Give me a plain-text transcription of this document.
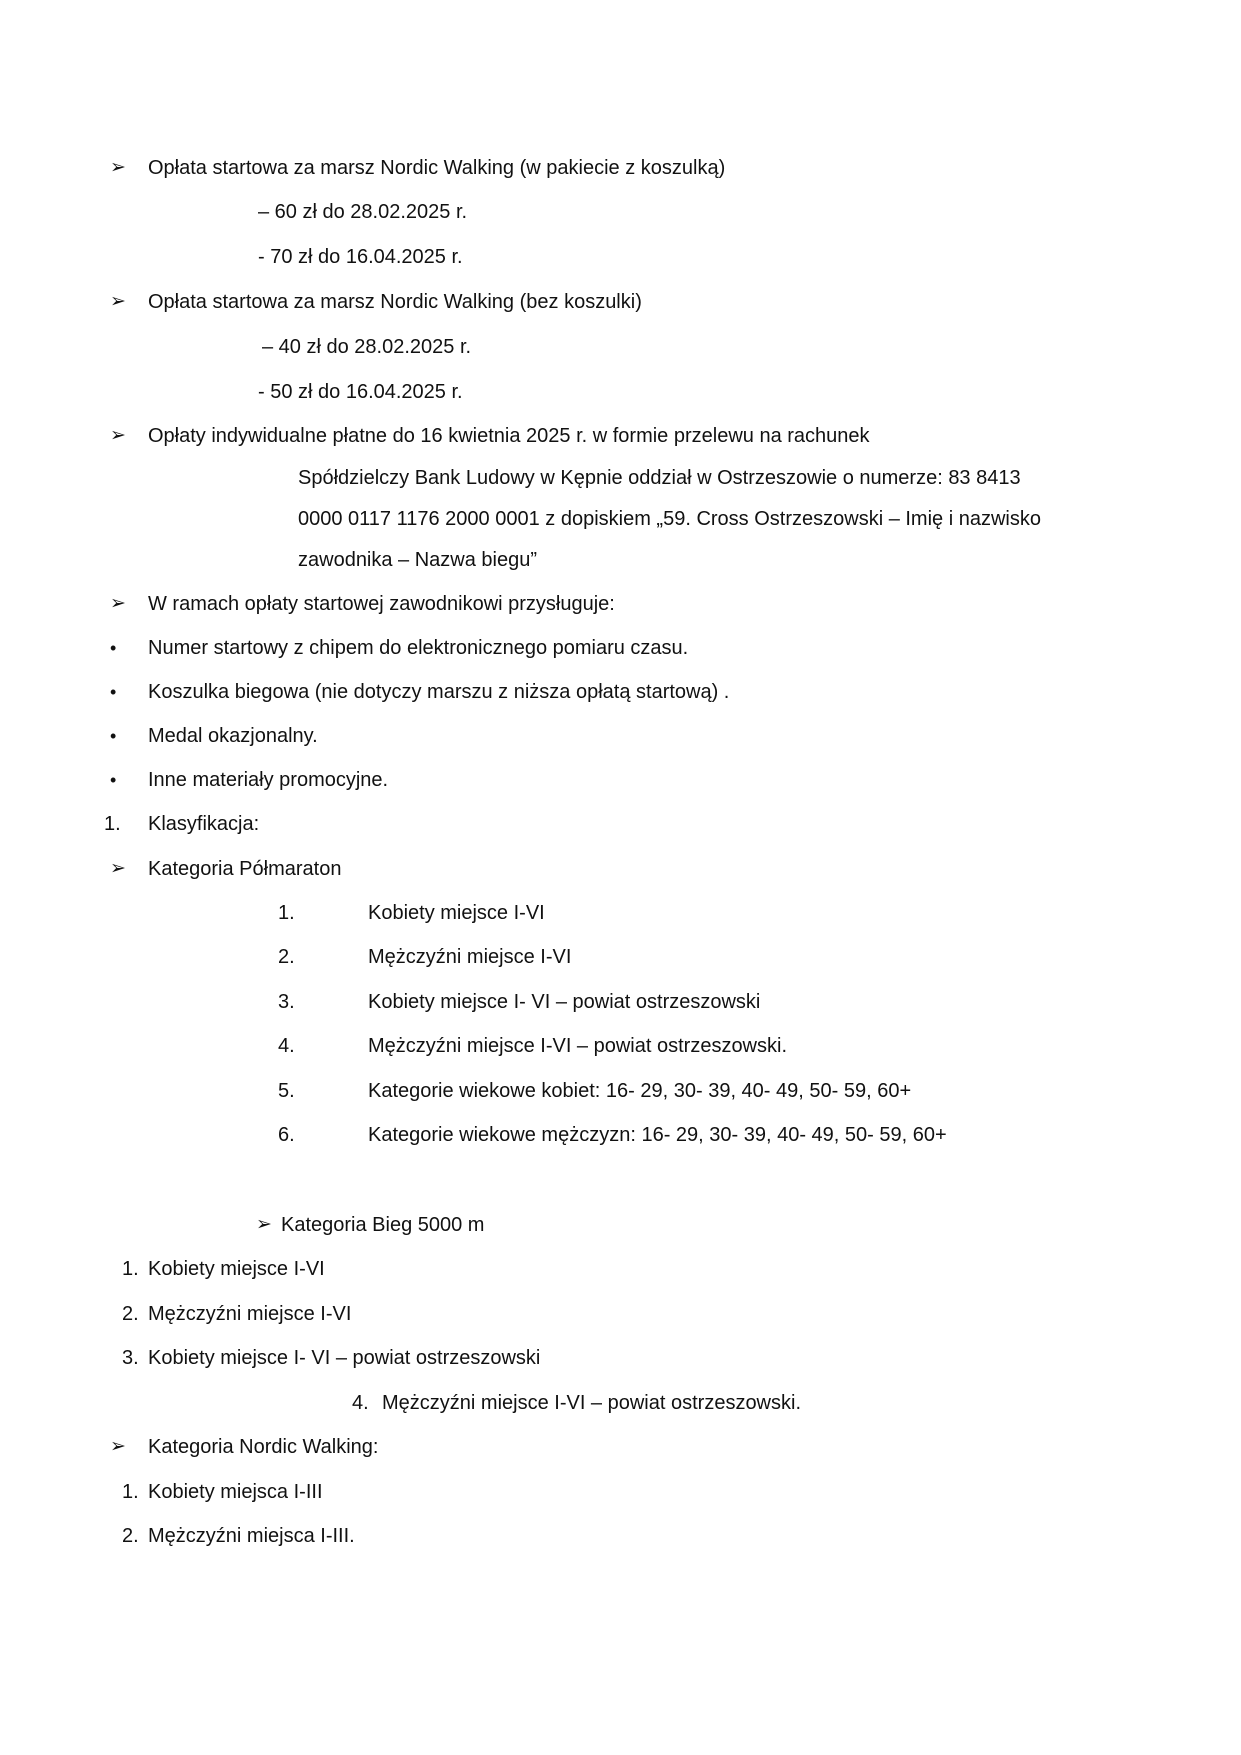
➢ Opłata startowa za marsz Nordic Walking (w pakiecie z koszulką)
– 60 zł do 28.02.2025 r.
- 70 zł do 16.04.2025 r.
➢ Opłata startowa za marsz Nordic Walking (bez koszulki)
– 40 zł do 28.02.2025 r.
- 50 zł do 16.04.2025 r.
➢ Opłaty indywidualne płatne do 16 kwietnia 2025 r. w formie przelewu na rachunek
Spółdzielczy Bank Ludowy w Kępnie oddział w Ostrzeszowie o numerze: 83 8413
0000 0117 1176 2000 0001 z dopiskiem „59. Cross Ostrzeszowski – Imię i nazwisko
zawodnika – Nazwa biegu”
➢ W ramach opłaty startowej zawodnikowi przysługuje:
• Numer startowy z chipem do elektronicznego pomiaru czasu.
• Koszulka biegowa (nie dotyczy marszu z niższa opłatą startową) .
• Medal okazjonalny.
• Inne materiały promocyjne.
1. Klasyfikacja:
➢ Kategoria Półmaraton
1.	Kobiety miejsce I-VI
2.	Mężczyźni miejsce I-VI
3.	Kobiety miejsce I- VI – powiat ostrzeszowski
4.	Mężczyźni miejsce I-VI – powiat ostrzeszowski.
5.	Kategorie wiekowe kobiet: 16- 29, 30- 39, 40- 49, 50- 59, 60+
6.	Kategorie wiekowe mężczyzn: 16- 29, 30- 39, 40- 49, 50- 59, 60+
➢ Kategoria Bieg 5000 m
1. Kobiety miejsce I-VI
2. Mężczyźni miejsce I-VI
3. Kobiety miejsce I- VI – powiat ostrzeszowski
4. Mężczyźni miejsce I-VI – powiat ostrzeszowski.
➢ Kategoria Nordic Walking:
1. Kobiety miejsca I-III
2. Mężczyźni miejsca I-III.
